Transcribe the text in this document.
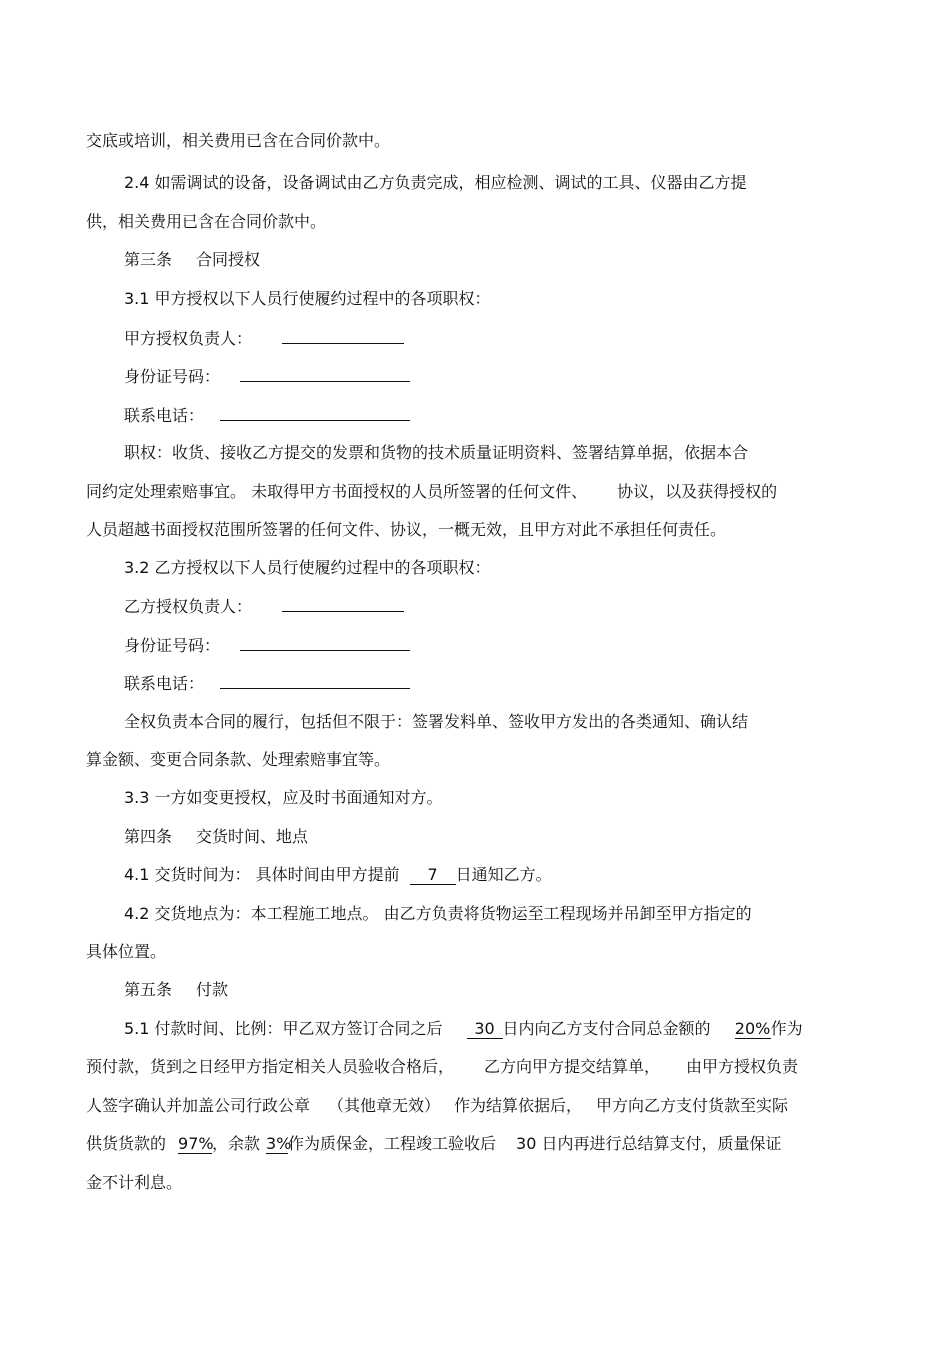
交底或培训，相关费用已含在合同价款中。
2.4 如需调试的设备，设备调试由乙方负责完成，相应检测、调试的工具、仪器由乙方提
供，相关费用已含在合同价款中。
第三条 合同授权
3.1 甲方授权以下人员行使履约过程中的各项职权：
甲方授权负责人：
身份证号码：
联系电话：
职权：收货、接收乙方提交的发票和货物的技术质量证明资料、签署结算单据，依据本合
同约定处理索赔事宜。 未取得甲方书面授权的人员所签署的任何文件、 协议，以及获得授权的
人员超越书面授权范围所签署的任何文件、协议，一概无效，且甲方对此不承担任何责任。
3.2 乙方授权以下人员行使履约过程中的各项职权：
乙方授权负责人：
身份证号码：
联系电话：
全权负责本合同的履行，包括但不限于：签署发料单、签收甲方发出的各类通知、确认结
算金额、变更合同条款、处理索赔事宜等。
3.3 一方如变更授权，应及时书面通知对方。
第四条 交货时间、地点
4.1 交货时间为： 具体时间由甲方提前 7 日通知乙方。
4.2 交货地点为：本工程施工地点。 由乙方负责将货物运至工程现场并吊卸至甲方指定的
具体位置。
第五条 付款
5.1 付款时间、比例：甲乙双方签订合同之后 30 日内向乙方支付合同总金额的 20%作为
预付款，货到之日经甲方指定相关人员验收合格后， 乙方向甲方提交结算单， 由甲方授权负责
人签字确认并加盖公司行政公章 （其他章无效） 作为结算依据后， 甲方向乙方支付货款至实际
供货货款的 97%，余款 3%作为质保金，工程竣工验收后 30 日内再进行总结算支付，质量保证
金不计利息。
